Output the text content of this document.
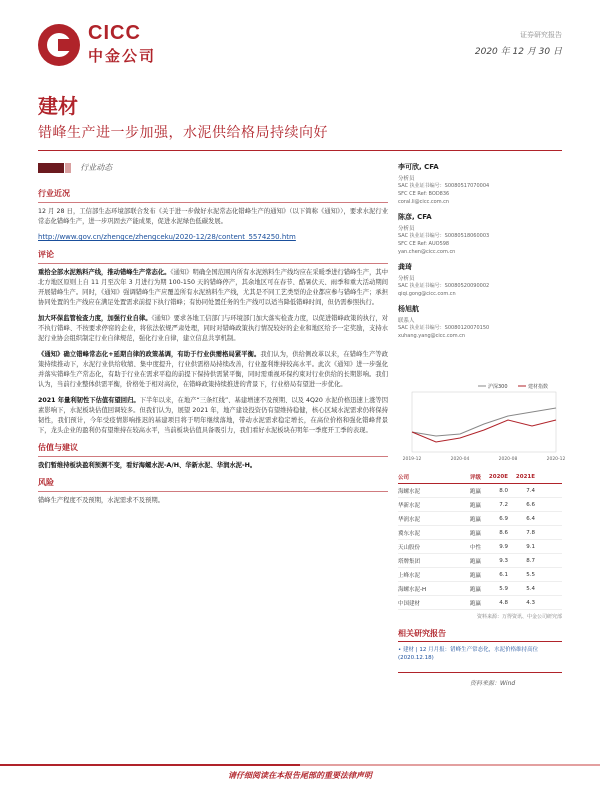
CICC
中金公司
证券研究报告
2020 年 12 月 30 日
建材
错峰生产进一步加强，水泥供给格局持续向好
行业动态
行业近况
12 月 28 日，工信部生态环境部联合发布《关于进一步做好水泥常态化错峰生产的通知》（以下简称《通知》），要求水泥行业常态化错峰生产，进一步巩固去产能成果，促进水泥绿色低碳发展。
http://www.gov.cn/zhengce/zhengceku/2020-12/28/content_5574250.htm
评论
重拾全部水泥熟料产线，推动错峰生产常态化。《通知》明确全国范围内所有水泥熟料生产线均应在采暖季进行错峰生产，其中北方地区原则上自 11 月至次年 3 月进行为期 100-150 天的错峰停产，其余地区可在春节、酷暑伏天、雨季和重大活动期间开展错峰生产。同时，《通知》强调错峰生产应覆盖所有水泥熟料生产线，尤其是不同工艺类型的企业都应参与错峰生产；承担协同处置的生产线应在满足处置需求前提下执行错峰；有协同处置任务的生产线可以适当降低错峰时间，但仍需参照执行。
加大环保监管检查力度，加强行业自律。《通知》要求各地工信部门与环境部门加大落实检查力度，以促进错峰政策的执行，对不执行错峰、不按要求停窑的企业，将依法依规严肃处理，同时对错峰政策执行情况较好的企业和地区给予一定奖励，支持水泥行业协会组织制定行业自律规范，强化行业自律，建立信息共享机制。
《通知》确立错峰常态化+延期自律的政策基调，有助于行业供需格局紧平衡。我们认为，供给侧改革以来，在错峰生产等政策持续推动下，水泥行业供给收缩、集中度提升，行业供需格局持续改善，行业盈利维持较高水平。此次《通知》进一步强化并落实错峰生产常态化，有助于行业在需求平稳的前提下保持供需紧平衡，同时需重视环保约束对行业供给的长期影响。我们认为，当前行业整体供需平衡，价格处于相对高位，在错峰政策持续推进的背景下，行业格局有望进一步优化。
2021 年量利韧性下估值有望回归。下半年以来，在地产“三条红线”、基建增速不及预期、以及 4Q20 水泥价格迅速上涨等因素影响下，水泥板块估值回调较多。但我们认为，展望 2021 年，地产建设投资仍有望维持稳健，核心区域水泥需求仍将保持韧性，我们预计，今年受疫情影响推迟的基建项目将于明年继续落地，带动水泥需求稳定增长，在高位价格和强化错峰背景下，龙头企业的盈利仍有望维持在较高水平，当前板块估值具备吸引力，我们看好水泥板块在明年一季度开工季的表现。
估值与建议
我们暂维持板块盈利预测不变，看好海螺水泥-A/H、华新水泥、华润水泥-H。
风险
错峰生产程度不及预期，水泥需求不及预期。
李可欣, CFA
分析员
SAC 执业证书编号：S0080517070004
SFC CE Ref: BOD836
coral.li@cicc.com.cn
陈彦, CFA
分析员
SAC 执业证书编号：S0080518060003
SFC CE Ref: AUO598
yan.chen@cicc.com.cn
龚琦
分析员
SAC 执业证书编号：S0080520090002
qiqi.gong@cicc.com.cn
杨旭航
联系人
SAC 执业证书编号：S0080120070150
xuhang.yang@cicc.com.cn
沪深300	建材指数
2019-12	2020-04	2020-08	2020-12
公司	评级	2020E	2021E
海螺水泥	跑赢	8.0	7.4
华新水泥	跑赢	7.2	6.6
华润水泥	跑赢	6.9	6.4
冀东水泥	跑赢	8.6	7.8
天山股份	中性	9.9	9.1
塔牌集团	跑赢	9.3	8.7
上峰水泥	跑赢	6.1	5.5
海螺水泥-H	跑赢	5.9	5.4
中国建材	跑赢	4.8	4.3
资料来源：万得资讯、中金公司研究部
相关研究报告
• 建材 | 12 月月报：错峰生产常态化，水泥价格维持高位 (2020.12.18)
资料来源：Wind
请仔细阅读在本报告尾部的重要法律声明
